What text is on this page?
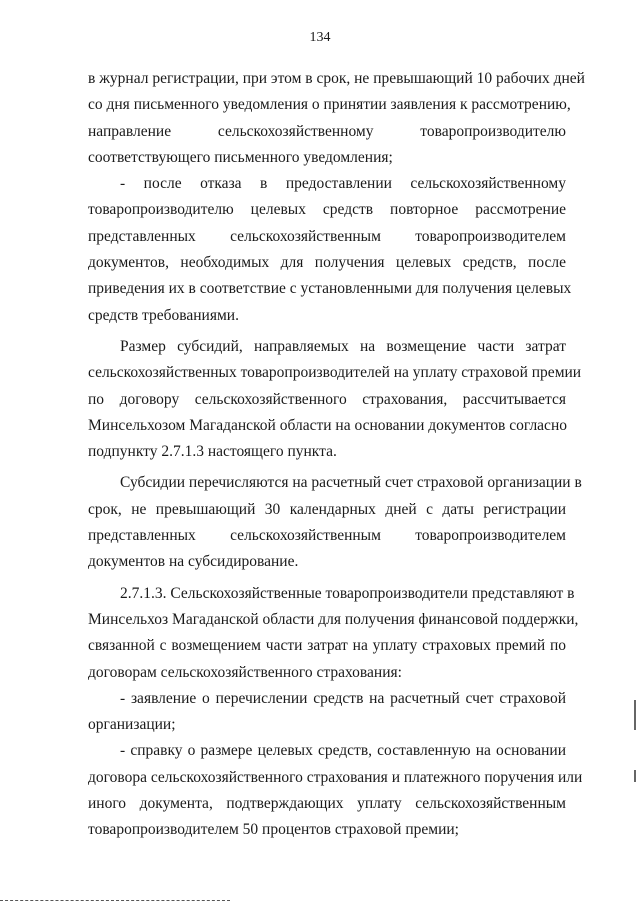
134

в журнал регистрации, при этом в срок, не превышающий 10 рабочих дней
со дня письменного уведомления о принятии заявления к рассмотрению,
направление сельскохозяйственному товаропроизводителю
соответствующего письменного уведомления;

- после отказа в предоставлении сельскохозяйственному
товаропроизводителю целевых средств повторное рассмотрение
представленных сельскохозяйственным товаропроизводителем
документов, необходимых для получения целевых средств, после
приведения их в соответствие с установленными для получения целевых
средств требованиями.

Размер субсидий, направляемых на возмещение части затрат
сельскохозяйственных товаропроизводителей на уплату страховой премии
по договору сельскохозяйственного страхования, рассчитывается
Минсельхозом Магаданской области на основании документов согласно
подпункту 2.7.1.3 настоящего пункта.

Субсидии перечисляются на расчетный счет страховой организации в
срок, не превышающий 30 календарных дней с даты регистрации
представленных сельскохозяйственным товаропроизводителем
документов на субсидирование.

2.7.1.3. Сельскохозяйственные товаропроизводители представляют в
Минсельхоз Магаданской области для получения финансовой поддержки,
связанной с возмещением части затрат на уплату страховых премий по
договорам сельскохозяйственного страхования:

- заявление о перечислении средств на расчетный счет страховой
организации;

- справку о размере целевых средств, составленную на основании
договора сельскохозяйственного страхования и платежного поручения или
иного документа, подтверждающих уплату сельскохозяйственным
товаропроизводителем 50 процентов страховой премии;
